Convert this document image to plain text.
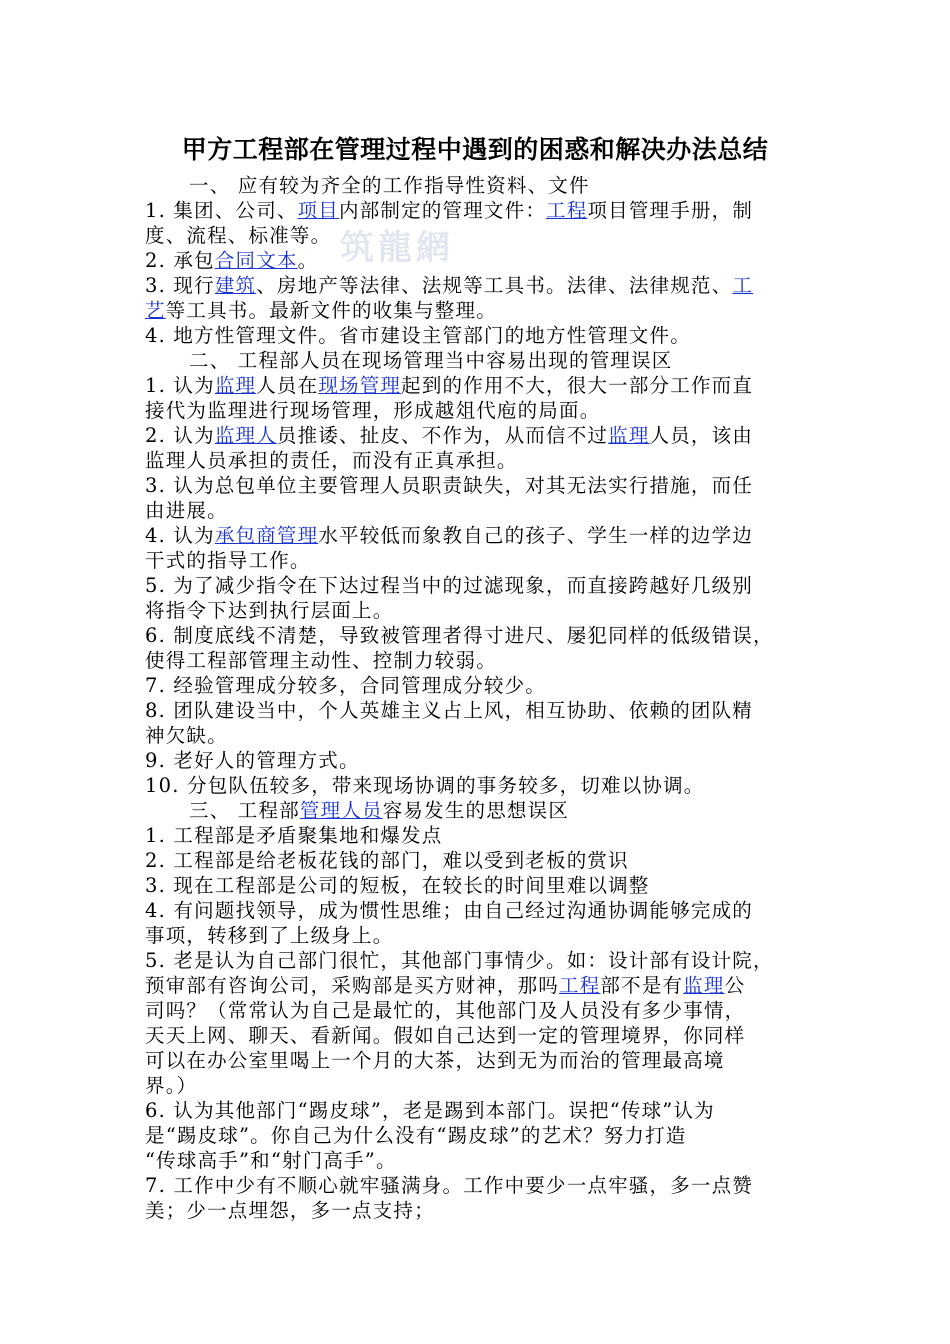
筑龍網
甲方工程部在管理过程中遇到的困惑和解决办法总结
一、 应有较为齐全的工作指导性资料、文件
1. 集团、公司、项目内部制定的管理文件：工程项目管理手册，制
度、流程、标准等。
2. 承包合同文本。
3. 现行建筑、房地产等法律、法规等工具书。法律、法律规范、工
艺等工具书。最新文件的收集与整理。
4. 地方性管理文件。省市建设主管部门的地方性管理文件。
二、 工程部人员在现场管理当中容易出现的管理误区
1. 认为监理人员在现场管理起到的作用不大，很大一部分工作而直
接代为监理进行现场管理，形成越俎代庖的局面。
2. 认为监理人员推诿、扯皮、不作为，从而信不过监理人员，该由
监理人员承担的责任，而没有正真承担。
3. 认为总包单位主要管理人员职责缺失，对其无法实行措施，而任
由进展。
4. 认为承包商管理水平较低而象教自己的孩子、学生一样的边学边
干式的指导工作。
5. 为了减少指令在下达过程当中的过滤现象，而直接跨越好几级别
将指令下达到执行层面上。
6. 制度底线不清楚，导致被管理者得寸进尺、屡犯同样的低级错误，
使得工程部管理主动性、控制力较弱。
7. 经验管理成分较多，合同管理成分较少。
8. 团队建设当中，个人英雄主义占上风，相互协助、依赖的团队精
神欠缺。
9. 老好人的管理方式。
10. 分包队伍较多，带来现场协调的事务较多，切难以协调。
三、 工程部管理人员容易发生的思想误区
1. 工程部是矛盾聚集地和爆发点
2. 工程部是给老板花钱的部门，难以受到老板的赏识
3. 现在工程部是公司的短板，在较长的时间里难以调整
4. 有问题找领导，成为惯性思维；由自己经过沟通协调能够完成的
事项，转移到了上级身上。
5. 老是认为自己部门很忙，其他部门事情少。如：设计部有设计院，
预审部有咨询公司，采购部是买方财神，那吗工程部不是有监理公
司吗？（常常认为自己是最忙的，其他部门及人员没有多少事情，
天天上网、聊天、看新闻。假如自己达到一定的管理境界，你同样
可以在办公室里喝上一个月的大茶，达到无为而治的管理最高境
界。）
6. 认为其他部门“踢皮球”，老是踢到本部门。误把“传球”认为
是“踢皮球”。你自己为什么没有“踢皮球”的艺术？努力打造
“传球高手”和“射门高手”。
7. 工作中少有不顺心就牢骚满身。工作中要少一点牢骚，多一点赞
美；少一点埋怨，多一点支持；
